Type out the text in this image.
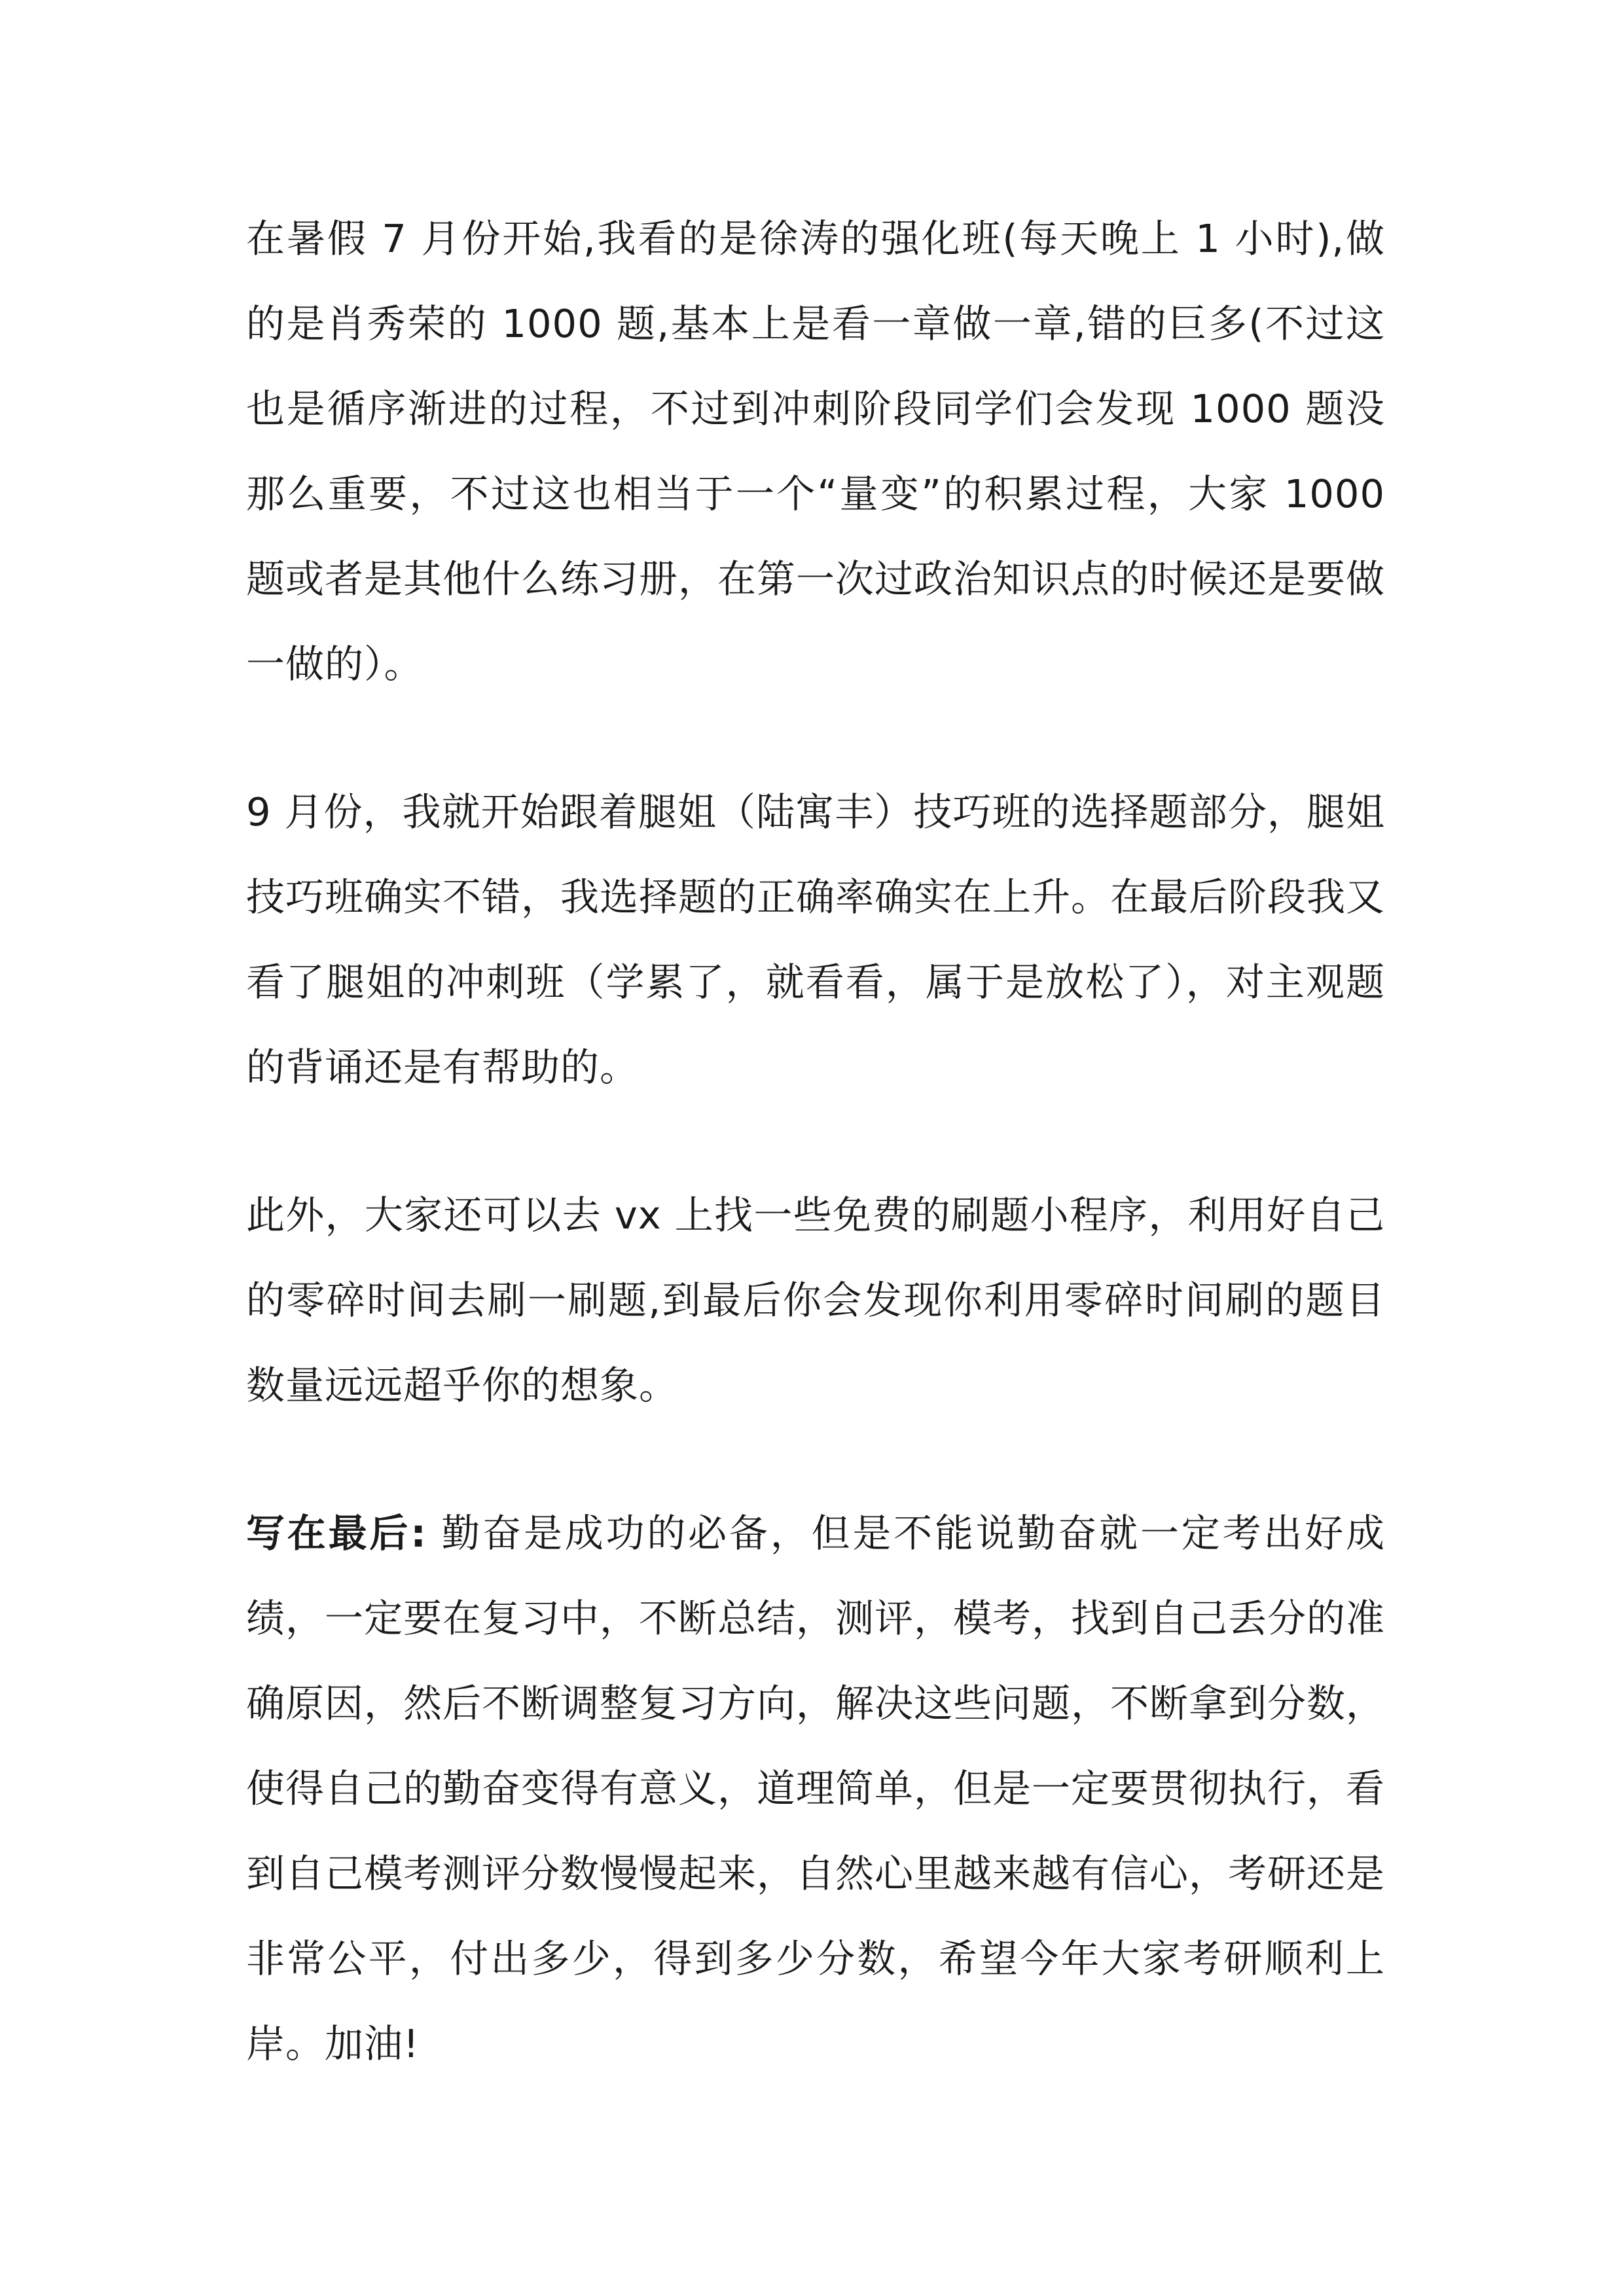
在暑假 7 月份开始,我看的是徐涛的强化班(每天晚上 1 小时),做的是肖秀荣的 1000 题,基本上是看一章做一章,错的巨多(不过这也是循序渐进的过程，不过到冲刺阶段同学们会发现 1000 题没那么重要，不过这也相当于一个“量变”的积累过程，大家 1000 题或者是其他什么练习册，在第一次过政治知识点的时候还是要做一做的）。

9 月份，我就开始跟着腿姐（陆寓丰）技巧班的选择题部分，腿姐技巧班确实不错，我选择题的正确率确实在上升。在最后阶段我又看了腿姐的冲刺班（学累了，就看看，属于是放松了），对主观题的背诵还是有帮助的。

此外，大家还可以去 vx 上找一些免费的刷题小程序，利用好自己的零碎时间去刷一刷题,到最后你会发现你利用零碎时间刷的题目数量远远超乎你的想象。

写在最后: 勤奋是成功的必备，但是不能说勤奋就一定考出好成绩，一定要在复习中，不断总结，测评，模考，找到自己丢分的准确原因，然后不断调整复习方向，解决这些问题，不断拿到分数，使得自己的勤奋变得有意义，道理简单，但是一定要贯彻执行，看到自己模考测评分数慢慢起来，自然心里越来越有信心，考研还是非常公平，付出多少，得到多少分数，希望今年大家考研顺利上岸。加油!
